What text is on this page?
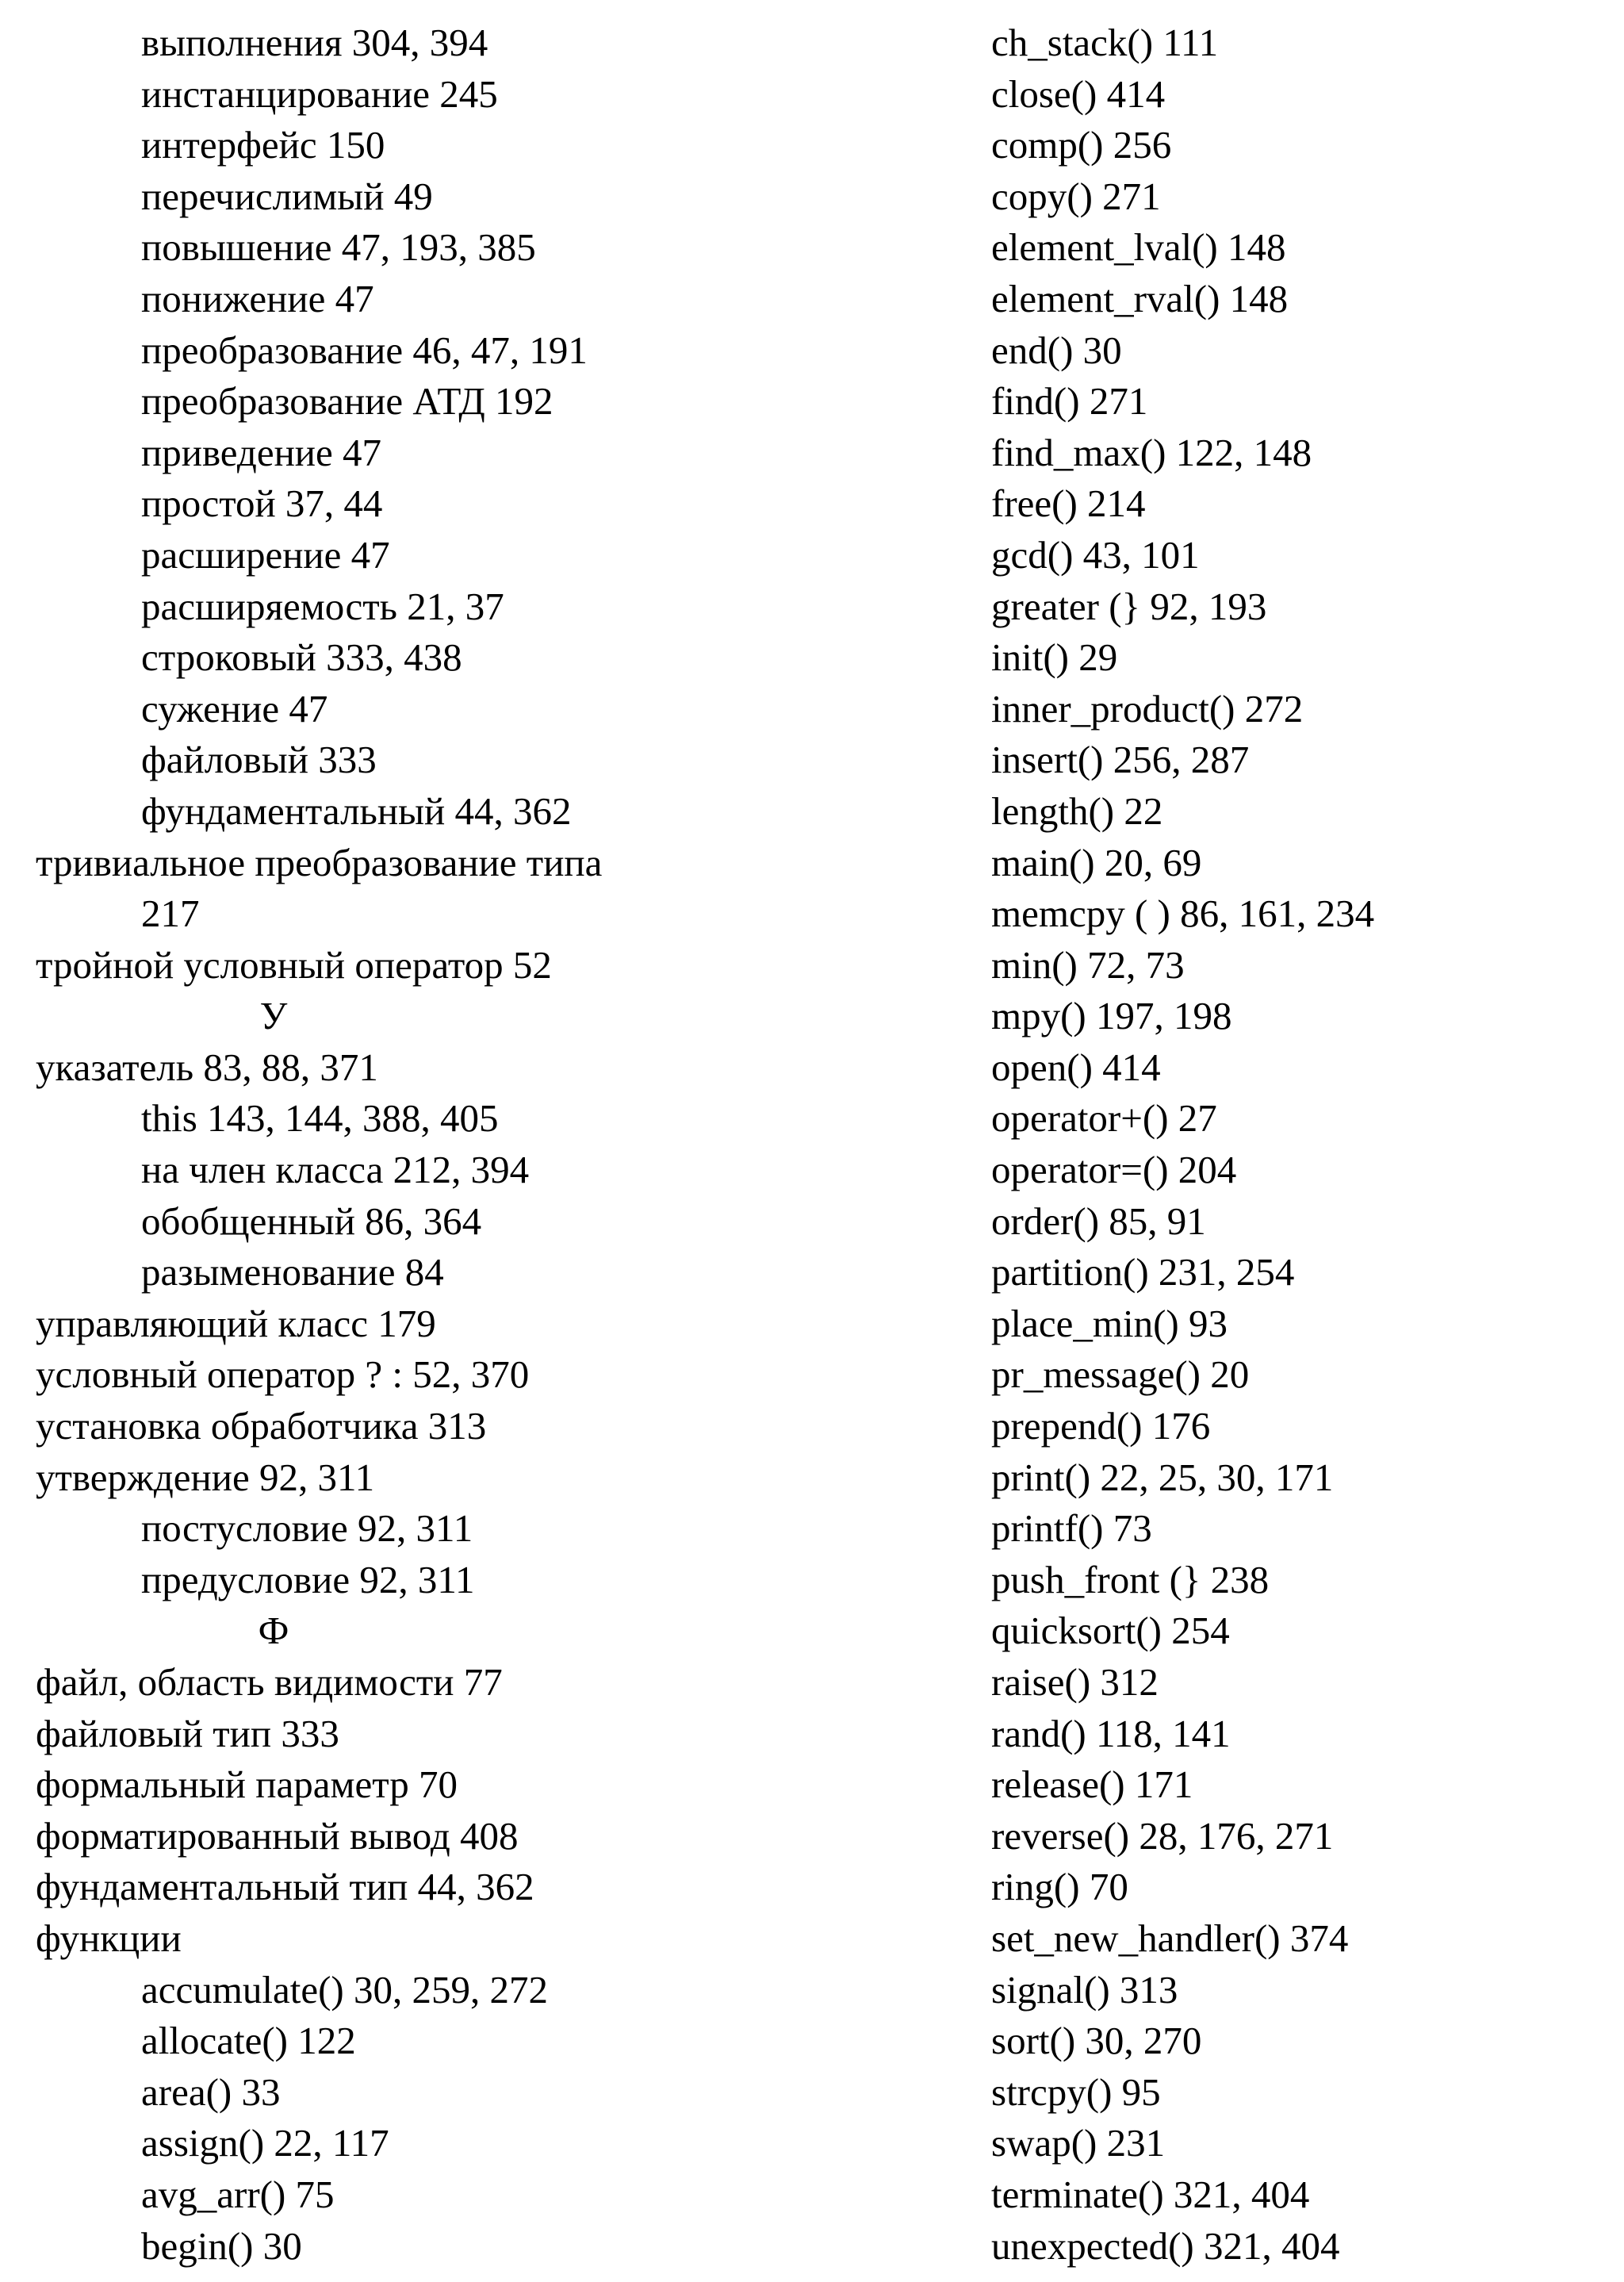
выполнения 304, 394
инстанцирование 245
интерфейс 150
перечислимый 49
повышение 47, 193, 385
понижение 47
преобразование 46, 47, 191
преобразование АТД 192
приведение 47
простой 37, 44
расширение 47
расширяемость 21, 37
строковый 333, 438
сужение 47
файловый 333
фундаментальный 44, 362
тривиальное преобразование типа
217
тройной условный оператор 52
У
указатель 83, 88, 371
this 143, 144, 388, 405
на член класса 212, 394
обобщенный 86, 364
разыменование 84
управляющий класс 179
условный оператор ? : 52, 370
установка обработчика 313
утверждение 92, 311
постусловие 92, 311
предусловие 92, 311
Ф
файл, область видимости 77
файловый тип 333
формальный параметр 70
форматированный вывод 408
фундаментальный тип 44, 362
функции
accumulate() 30, 259, 272
allocate() 122
area() 33
assign() 22, 117
avg_arr() 75
begin() 30
ch_stack() 111
close() 414
comp() 256
copy() 271
element_lval() 148
element_rval() 148
end() 30
find() 271
find_max() 122, 148
free() 214
gcd() 43, 101
greater (} 92, 193
init() 29
inner_product() 272
insert() 256, 287
length() 22
main() 20, 69
memcpy ( ) 86, 161, 234
min() 72, 73
mpy() 197, 198
open() 414
operator+() 27
operator=() 204
order() 85, 91
partition() 231, 254
place_min() 93
pr_message() 20
prepend() 176
print() 22, 25, 30, 171
printf() 73
push_front (} 238
quicksort() 254
raise() 312
rand() 118, 141
release() 171
reverse() 28, 176, 271
ring() 70
set_new_handler() 374
signal() 313
sort() 30, 270
strcpy() 95
swap() 231
terminate() 321, 404
unexpected() 321, 404
